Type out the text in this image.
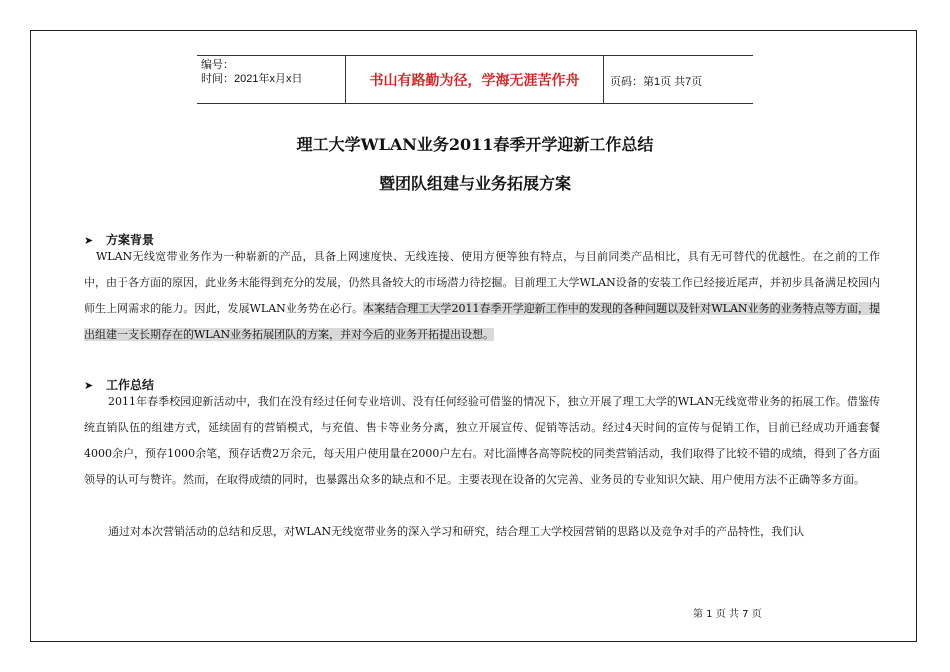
编号：
时间：2021年x月x日	书山有路勤为径，学海无涯苦作舟	页码：第1页 共7页
理工大学WLAN业务2011春季开学迎新工作总结
暨团队组建与业务拓展方案
➤ 方案背景

WLAN无线宽带业务作为一种崭新的产品，具备上网速度快、无线连接、使用方便等独有特点，与目前同类产品相比，具有无可替代的优越性。在之前的工作中，由于各方面的原因，此业务未能得到充分的发展，仍然具备较大的市场潜力待挖掘。目前理工大学WLAN设备的安装工作已经接近尾声，并初步具备满足校园内师生上网需求的能力。因此，发展WLAN业务势在必行。本案结合理工大学2011春季开学迎新工作中的发现的各种问题以及针对WLAN业务的业务特点等方面，提出组建一支长期存在的WLAN业务拓展团队的方案，并对今后的业务开拓提出设想。

➤ 工作总结

2011年春季校园迎新活动中，我们在没有经过任何专业培训、没有任何经验可借鉴的情况下，独立开展了理工大学的WLAN无线宽带业务的拓展工作。借鉴传统直销队伍的组建方式，延续固有的营销模式，与充值、售卡等业务分离，独立开展宣传、促销等活动。经过4天时间的宣传与促销工作，目前已经成功开通套餐4000余户，预存1000余笔，预存话费2万余元，每天用户使用量在2000户左右。对比淄博各高等院校的同类营销活动，我们取得了比较不错的成绩，得到了各方面领导的认可与赞许。然而，在取得成绩的同时，也暴露出众多的缺点和不足。主要表现在设备的欠完善、业务员的专业知识欠缺、用户使用方法不正确等多方面。

通过对本次营销活动的总结和反思，对WLAN无线宽带业务的深入学习和研究，结合理工大学校园营销的思路以及竞争对手的产品特性，我们认

第 1 页 共 7 页
